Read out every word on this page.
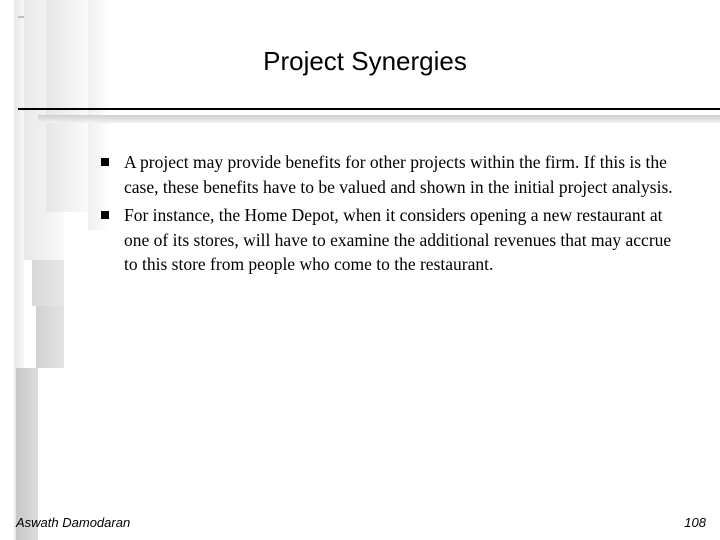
Project Synergies
A project may provide benefits for other projects within the firm. If this is the case, these benefits have to be valued and shown in the initial project analysis.
For instance, the Home Depot, when it considers opening a new restaurant at one of its stores, will have to examine the additional revenues that may accrue to this store from people who come to the restaurant.
Aswath Damodaran	108
